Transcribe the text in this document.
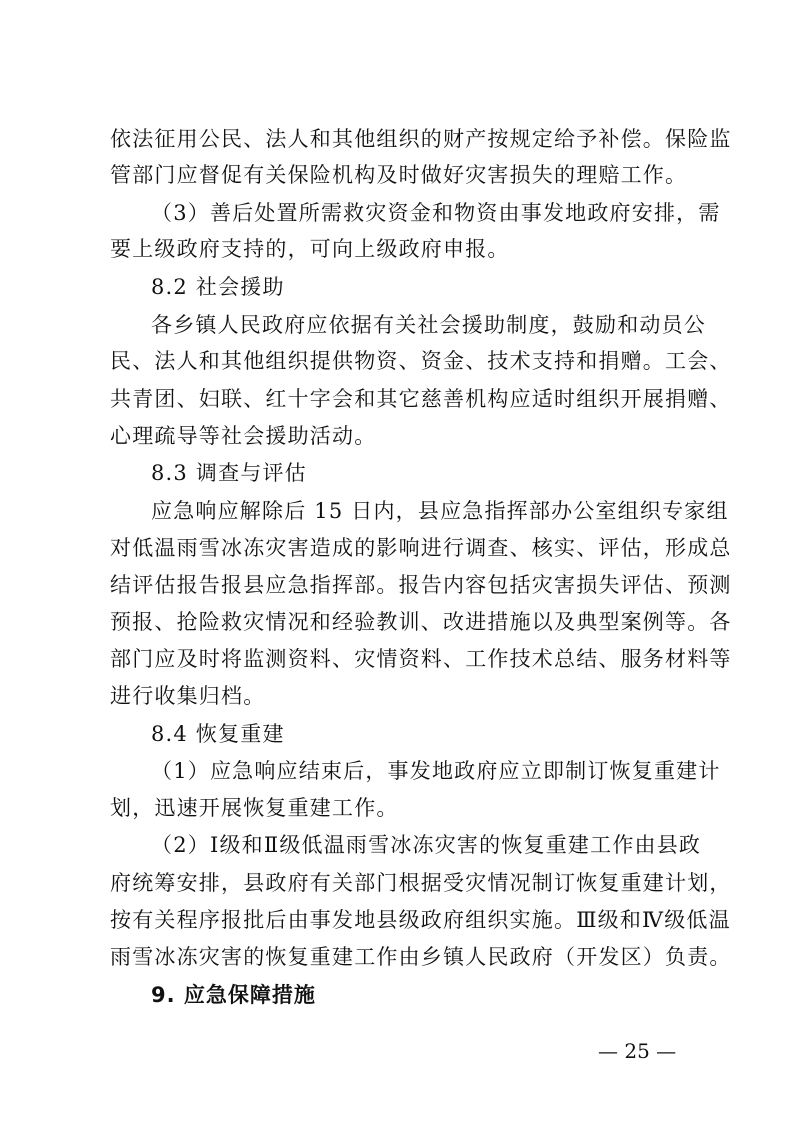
依法征用公民、法人和其他组织的财产按规定给予补偿。保险监
管部门应督促有关保险机构及时做好灾害损失的理赔工作。
（3）善后处置所需救灾资金和物资由事发地政府安排，需
要上级政府支持的，可向上级政府申报。
8.2 社会援助
各乡镇人民政府应依据有关社会援助制度，鼓励和动员公
民、法人和其他组织提供物资、资金、技术支持和捐赠。工会、
共青团、妇联、红十字会和其它慈善机构应适时组织开展捐赠、
心理疏导等社会援助活动。
8.3 调查与评估
应急响应解除后 15 日内，县应急指挥部办公室组织专家组
对低温雨雪冰冻灾害造成的影响进行调查、核实、评估，形成总
结评估报告报县应急指挥部。报告内容包括灾害损失评估、预测
预报、抢险救灾情况和经验教训、改进措施以及典型案例等。各
部门应及时将监测资料、灾情资料、工作技术总结、服务材料等
进行收集归档。
8.4 恢复重建
（1）应急响应结束后，事发地政府应立即制订恢复重建计
划，迅速开展恢复重建工作。
（2）Ⅰ级和Ⅱ级低温雨雪冰冻灾害的恢复重建工作由县政
府统筹安排，县政府有关部门根据受灾情况制订恢复重建计划，
按有关程序报批后由事发地县级政府组织实施。Ⅲ级和Ⅳ级低温
雨雪冰冻灾害的恢复重建工作由乡镇人民政府（开发区）负责。
9. 应急保障措施
— 25 —
